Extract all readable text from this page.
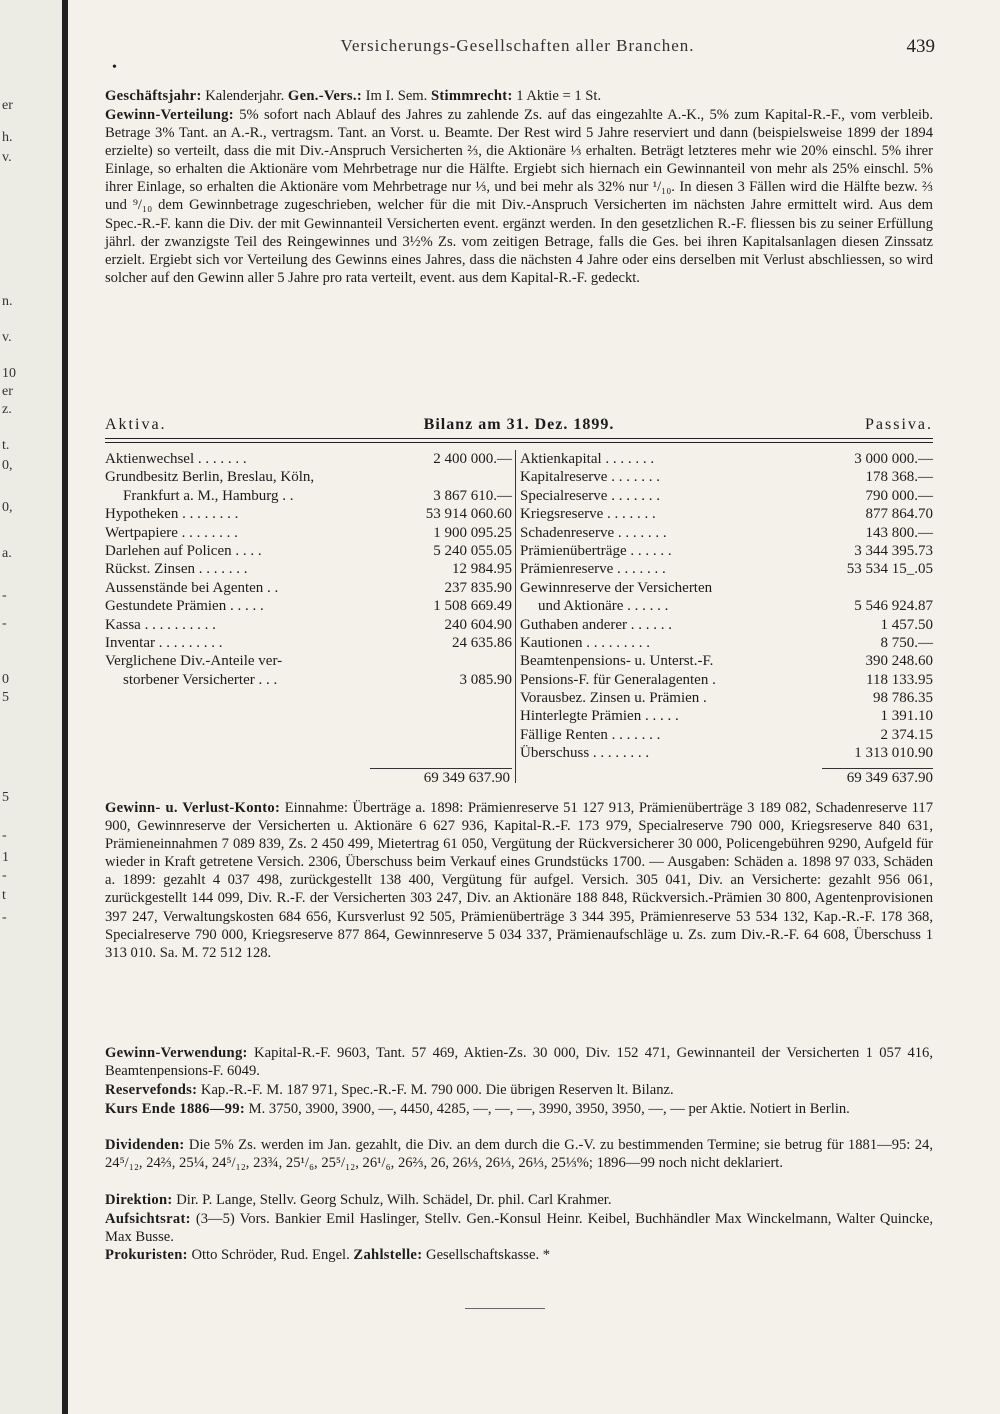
er
h.
v.
n.
v.
10
er
z.
t.
0,
0,
a.
-
-
0
5
5
-
1
-
t
-
Versicherungs-Gesellschaften aller Branchen.	439
•
Geschäftsjahr: Kalenderjahr. Gen.-Vers.: Im I. Sem. Stimmrecht: 1 Aktie = 1 St.
Gewinn-Verteilung: 5% sofort nach Ablauf des Jahres zu zahlende Zs. auf das eingezahlte A.-K., 5% zum Kapital-R.-F., vom verbleib. Betrage 3% Tant. an A.-R., vertragsm. Tant. an Vorst. u. Beamte. Der Rest wird 5 Jahre reserviert und dann (beispielsweise 1899 der 1894 erzielte) so verteilt, dass die mit Div.-Anspruch Versicherten ⅔, die Aktionäre ⅓ erhalten. Beträgt letzteres mehr wie 20% einschl. 5% ihrer Einlage, so erhalten die Aktionäre vom Mehrbetrage nur die Hälfte. Ergiebt sich hiernach ein Gewinnanteil von mehr als 25% einschl. 5% ihrer Einlage, so erhalten die Aktionäre vom Mehrbetrage nur ⅓, und bei mehr als 32% nur ¹/₁₀. In diesen 3 Fällen wird die Hälfte bezw. ⅔ und ⁹/₁₀ dem Gewinnbetrage zugeschrieben, welcher für die mit Div.-Anspruch Versicherten im nächsten Jahre ermittelt wird. Aus dem Spec.-R.-F. kann die Div. der mit Gewinnanteil Versicherten event. ergänzt werden. In den gesetzlichen R.-F. fliessen bis zu seiner Erfüllung jährl. der zwanzigste Teil des Reingewinnes und 3½% Zs. vom zeitigen Betrage, falls die Ges. bei ihren Kapitalsanlagen diesen Zinssatz erzielt. Ergiebt sich vor Verteilung des Gewinns eines Jahres, dass die nächsten 4 Jahre oder eins derselben mit Verlust abschliessen, so wird solcher auf den Gewinn aller 5 Jahre pro rata verteilt, event. aus dem Kapital-R.-F. gedeckt.
Aktiva.	Bilanz am 31. Dez. 1899.	Passiva.
Aktienwechsel . . . . . . .	2 400 000.—
Grundbesitz Berlin, Breslau, Köln,
Frankfurt a. M., Hamburg . .	3 867 610.—
Hypotheken . . . . . . . .	53 914 060.60
Wertpapiere . . . . . . . .	1 900 095.25
Darlehen auf Policen . . . .	5 240 055.05
Rückst. Zinsen . . . . . . .	12 984.95
Aussenstände bei Agenten . .	237 835.90
Gestundete Prämien . . . . .	1 508 669.49
Kassa . . . . . . . . . .	240 604.90
Inventar . . . . . . . . .	24 635.86
Verglichene Div.-Anteile ver-
storbener Versicherter . . .	3 085.90
Aktienkapital . . . . . . .	3 000 000.—
Kapitalreserve . . . . . . .	178 368.—
Specialreserve . . . . . . .	790 000.—
Kriegsreserve . . . . . . .	877 864.70
Schadenreserve . . . . . . .	143 800.—
Prämienüberträge . . . . . .	3 344 395.73
Prämienreserve . . . . . . .	53 534 15_.05
Gewinnreserve der Versicherten
und Aktionäre . . . . . .	5 546 924.87
Guthaben anderer . . . . . .	1 457.50
Kautionen . . . . . . . . .	8 750.—
Beamtenpensions- u. Unterst.-F.	390 248.60
Pensions-F. für Generalagenten .	118 133.95
Vorausbez. Zinsen u. Prämien .	98 786.35
Hinterlegte Prämien . . . . .	1 391.10
Fällige Renten . . . . . . .	2 374.15
Überschuss . . . . . . . .	1 313 010.90
69 349 637.90	69 349 637.90
Gewinn- u. Verlust-Konto: Einnahme: Überträge a. 1898: Prämienreserve 51 127 913, Prämienüberträge 3 189 082, Schadenreserve 117 900, Gewinnreserve der Versicherten u. Aktionäre 6 627 936, Kapital-R.-F. 173 979, Specialreserve 790 000, Kriegsreserve 840 631, Prämieneinnahmen 7 089 839, Zs. 2 450 499, Mietertrag 61 050, Vergütung der Rückversicherer 30 000, Policengebühren 9290, Aufgeld für wieder in Kraft getretene Versich. 2306, Überschuss beim Verkauf eines Grundstücks 1700. — Ausgaben: Schäden a. 1898 97 033, Schäden a. 1899: gezahlt 4 037 498, zurückgestellt 138 400, Vergütung für aufgel. Versich. 305 041, Div. an Versicherte: gezahlt 956 061, zurückgestellt 144 099, Div. R.-F. der Versicherten 303 247, Div. an Aktionäre 188 848, Rückversich.-Prämien 30 800, Agentenprovisionen 397 247, Verwaltungskosten 684 656, Kursverlust 92 505, Prämienüberträge 3 344 395, Prämienreserve 53 534 132, Kap.-R.-F. 178 368, Specialreserve 790 000, Kriegsreserve 877 864, Gewinnreserve 5 034 337, Prämienaufschläge u. Zs. zum Div.-R.-F. 64 608, Überschuss 1 313 010. Sa. M. 72 512 128.
Gewinn-Verwendung: Kapital-R.-F. 9603, Tant. 57 469, Aktien-Zs. 30 000, Div. 152 471, Gewinnanteil der Versicherten 1 057 416, Beamtenpensions-F. 6049.
Reservefonds: Kap.-R.-F. M. 187 971, Spec.-R.-F. M. 790 000. Die übrigen Reserven lt. Bilanz.
Kurs Ende 1886—99: M. 3750, 3900, 3900, —, 4450, 4285, —, —, —, 3990, 3950, 3950, —, — per Aktie. Notiert in Berlin.
Dividenden: Die 5% Zs. werden im Jan. gezahlt, die Div. an dem durch die G.-V. zu bestimmenden Termine; sie betrug für 1881—95: 24, 24⁵/₁₂, 24⅔, 25¼, 24⁵/₁₂, 23¾, 25¹/₆, 25⁵/₁₂, 26¹/₆, 26⅔, 26, 26⅓, 26⅓, 26⅓, 25⅓%; 1896—99 noch nicht deklariert.
Direktion: Dir. P. Lange, Stellv. Georg Schulz, Wilh. Schädel, Dr. phil. Carl Krahmer.
Aufsichtsrat: (3—5) Vors. Bankier Emil Haslinger, Stellv. Gen.-Konsul Heinr. Keibel, Buchhändler Max Winckelmann, Walter Quincke, Max Busse.
Prokuristen: Otto Schröder, Rud. Engel. Zahlstelle: Gesellschaftskasse. *
